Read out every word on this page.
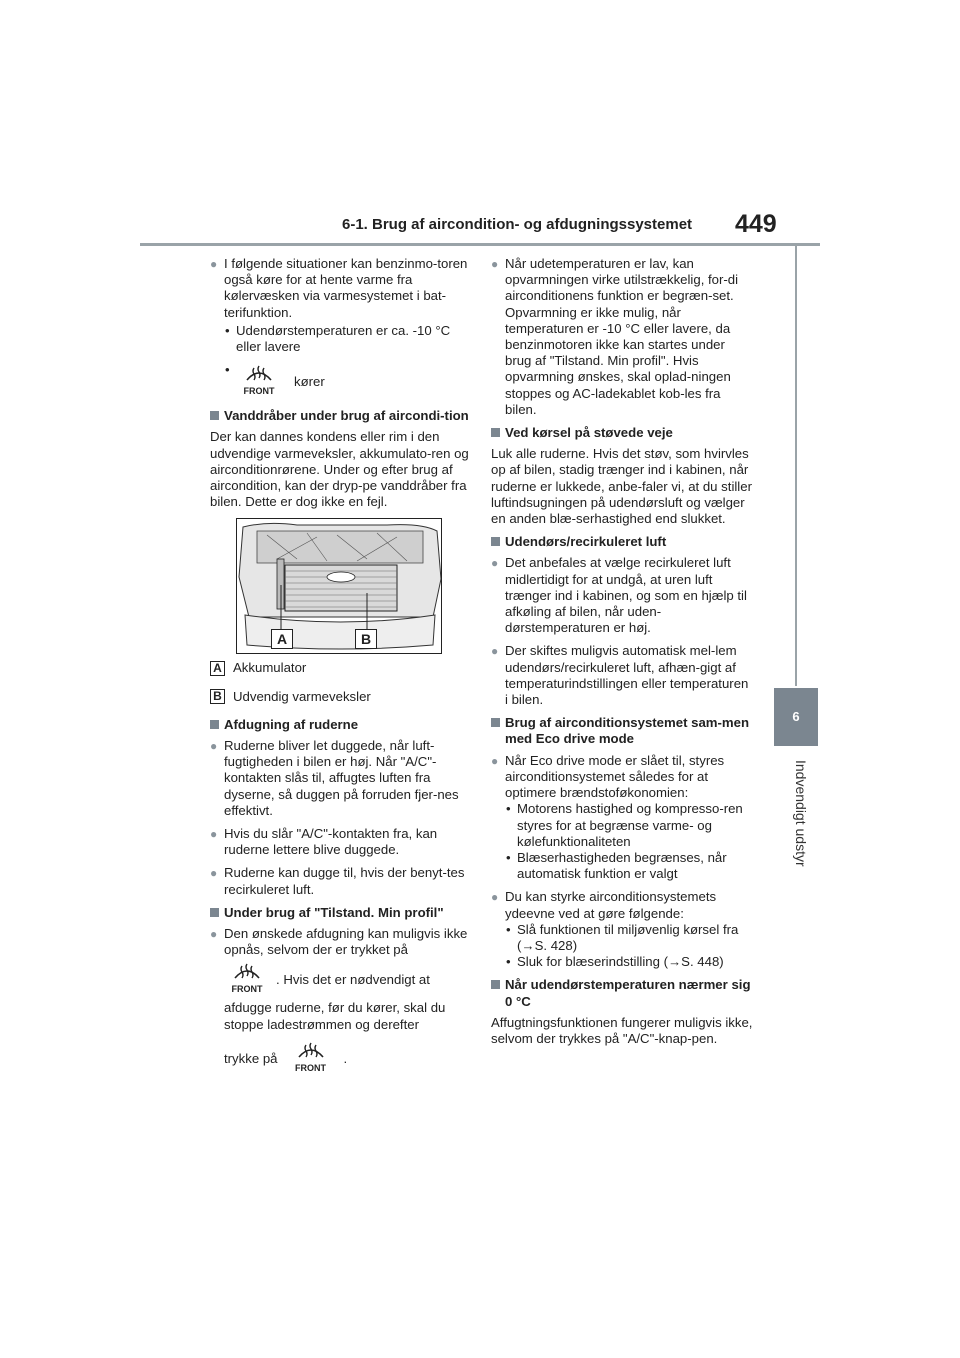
6-1. Brug af aircondition- og afdugningssystemet 449
6
Indvendigt udstyr
● I følgende situationer kan benzinmo-toren også køre for at hente varme fra kølervæsken via varmesystemet i bat-terifunktion.
• Udendørstemperaturen er ca. -10 °C eller lavere
• FRONT
kører
Vanddråber under brug af aircondi-tion
Der kan dannes kondens eller rim i den udvendige varmeveksler, akkumulato-ren og airconditionrørene. Under og efter brug af aircondition, kan der dryp-pe vanddråber fra bilen. Dette er dog ikke en fejl.
A	B
A Akkumulator
B Udvendig varmeveksler
Afdugning af ruderne
● Ruderne bliver let duggede, når luft-fugtigheden i bilen er høj. Når "A/C"-kontakten slås til, affugtes luften fra dyserne, så duggen på forruden fjer-nes effektivt.
● Hvis du slår "A/C"-kontakten fra, kan ruderne lettere blive duggede.
● Ruderne kan dugge til, hvis der benyt-tes recirkuleret luft.
Under brug af "Tilstand. Min profil"
● Den ønskede afdugning kan muligvis ikke opnås, selvom der er trykket på
FRONT
. Hvis det er nødvendigt at
afdugge ruderne, før du kører, skal du stoppe ladestrømmen og derefter
trykke på
FRONT
.
● Når udetemperaturen er lav, kan opvarmningen virke utilstrækkelig, for-di airconditionens funktion er begræn-set. Opvarmning er ikke mulig, når temperaturen er -10 °C eller lavere, da benzinmotoren ikke kan startes under brug af "Tilstand. Min profil". Hvis opvarmning ønskes, skal oplad-ningen stoppes og AC-ladekablet kob-les fra bilen.
Ved kørsel på støvede veje
Luk alle ruderne. Hvis det støv, som hvirvles op af bilen, stadig trænger ind i kabinen, når ruderne er lukkede, anbe-faler vi, at du stiller luftindsugningen på udendørsluft og vælger en anden blæ-serhastighed end slukket.
Udendørs/recirkuleret luft
● Det anbefales at vælge recirkuleret luft midlertidigt for at undgå, at uren luft trænger ind i kabinen, og som en hjælp til afkøling af bilen, når uden-dørstemperaturen er høj.
● Der skiftes muligvis automatisk mel-lem udendørs/recirkuleret luft, afhæn-gigt af temperaturindstillingen eller temperaturen i bilen.
Brug af airconditionsystemet sam-men med Eco drive mode
● Når Eco drive mode er slået til, styres airconditionsystemet således for at optimere brændstoføkonomien:
• Motorens hastighed og kompresso-ren styres for at begrænse varme- og kølefunktionaliteten
• Blæserhastigheden begrænses, når automatisk funktion er valgt
● Du kan styrke airconditionsystemets ydeevne ved at gøre følgende:
• Slå funktionen til miljøvenlig kørsel fra (→S. 428)
• Sluk for blæserindstilling (→S. 448)
Når udendørstemperaturen nærmer sig 0 °C
Affugtningsfunktionen fungerer muligvis ikke, selvom der trykkes på "A/C"-knap-pen.
